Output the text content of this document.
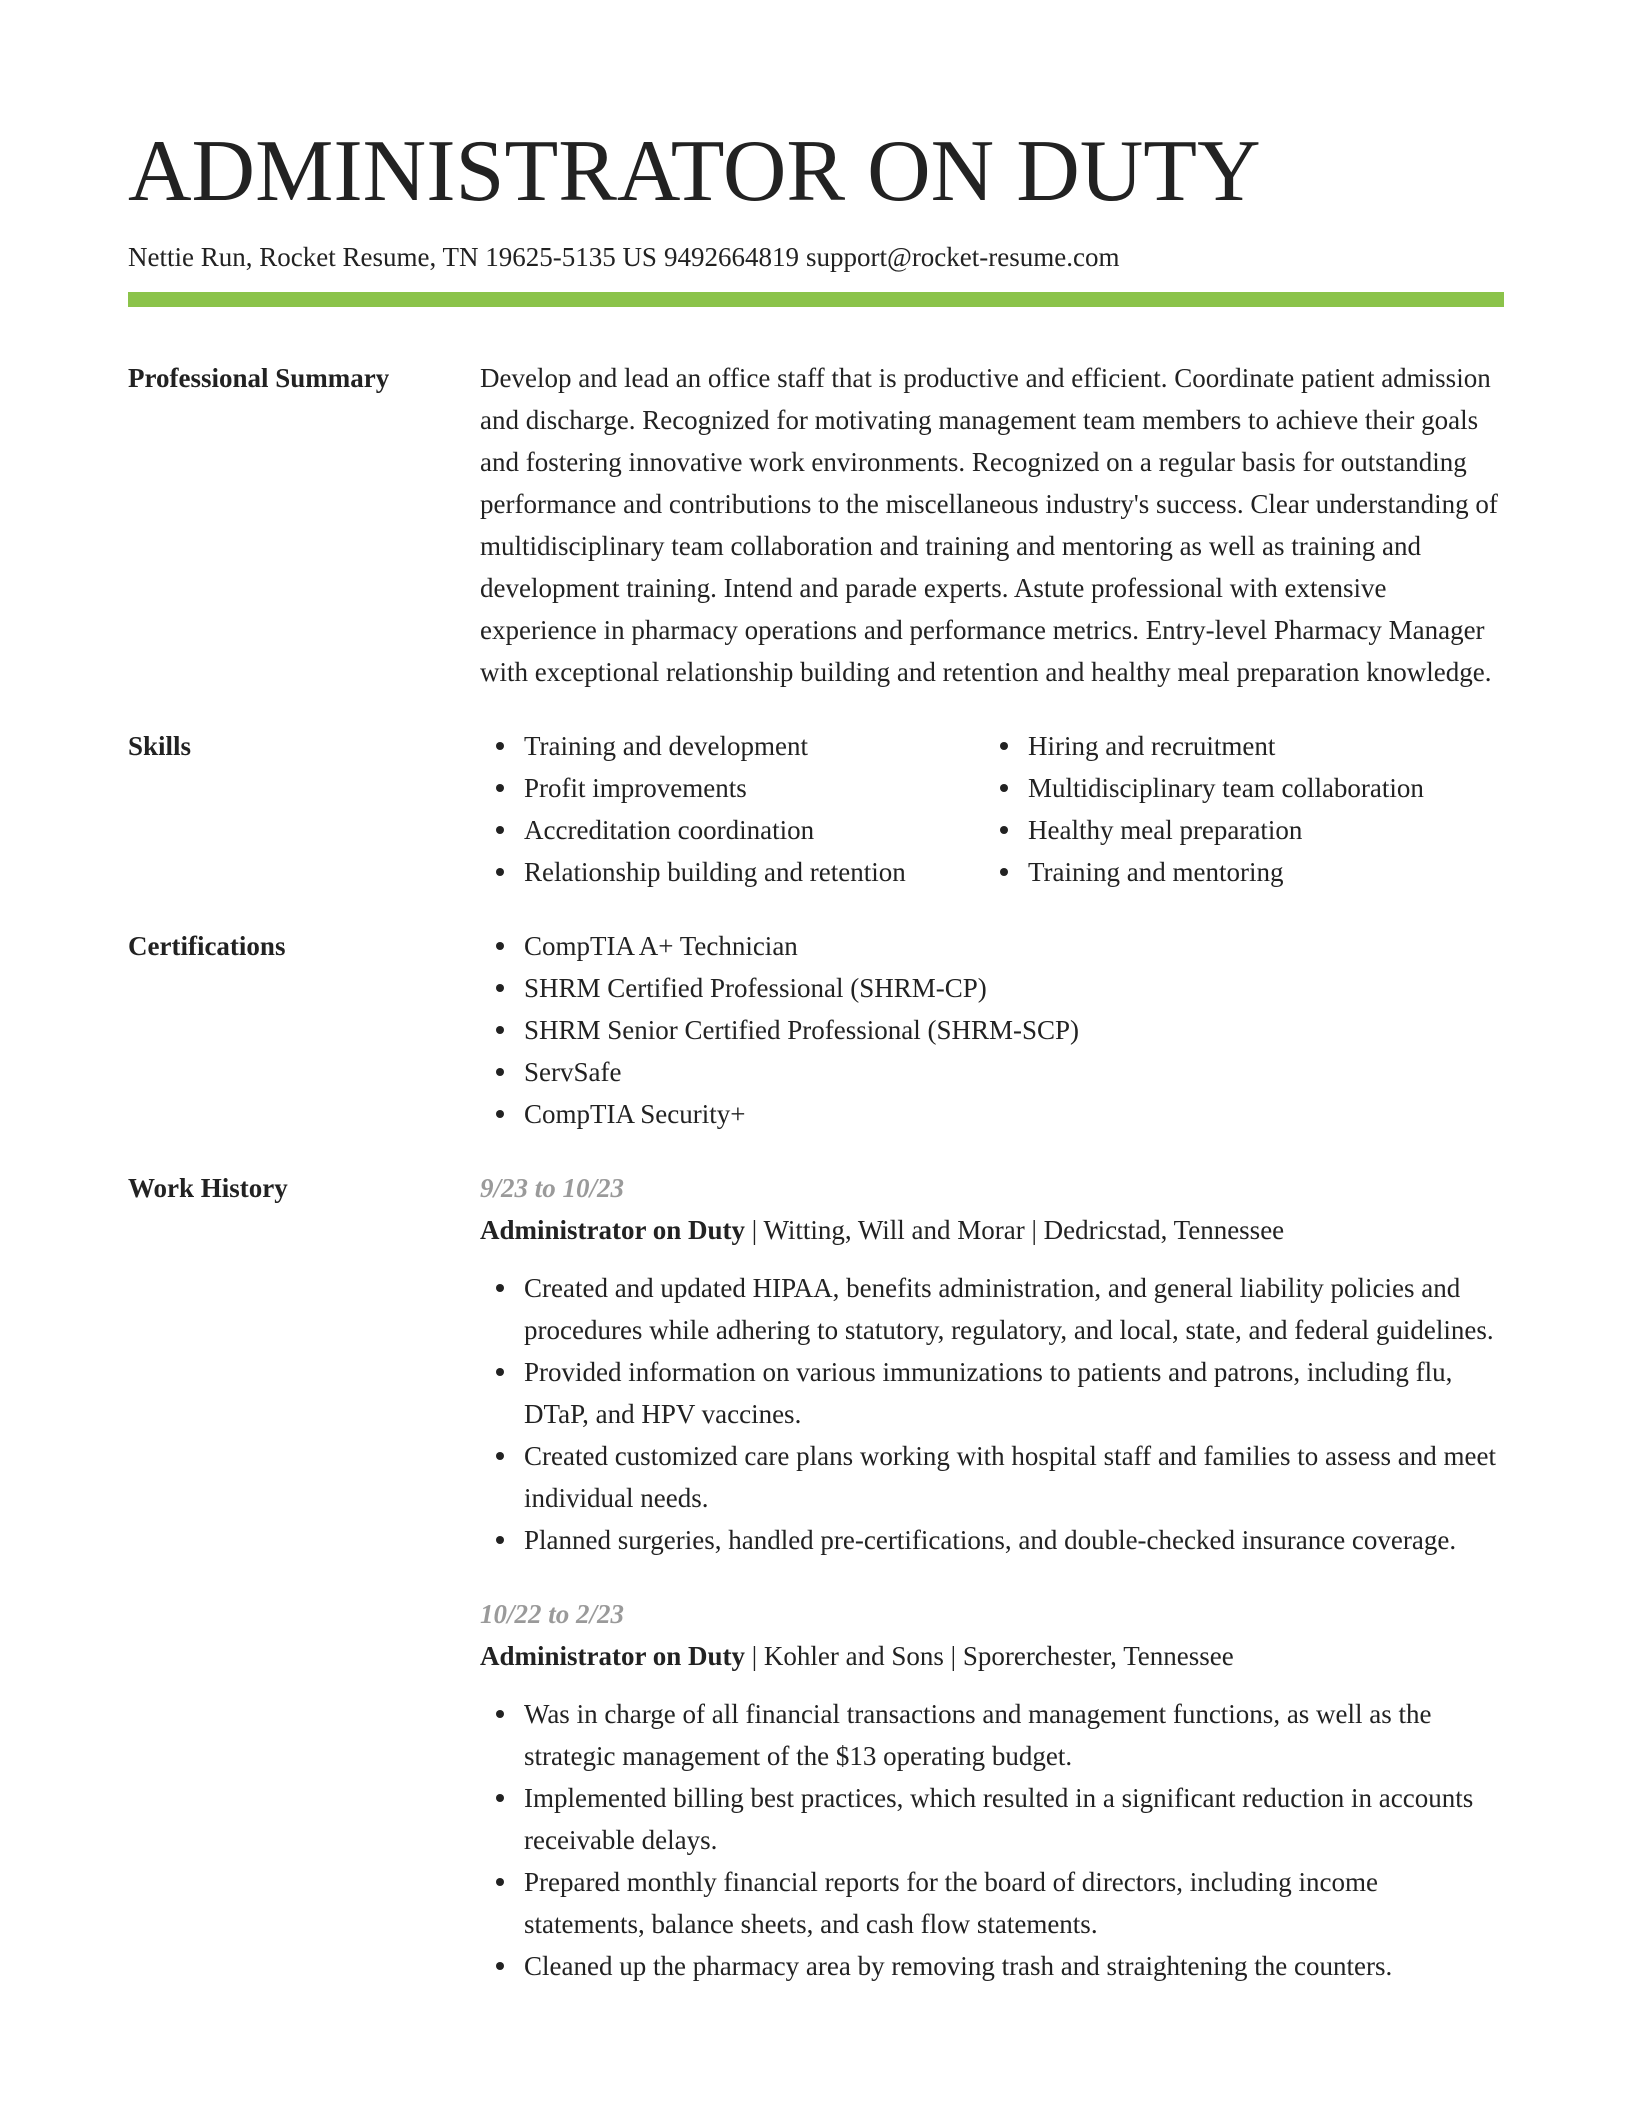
ADMINISTRATOR ON DUTY
Nettie Run, Rocket Resume, TN 19625-5135 US 9492664819 support@rocket-resume.com
Professional Summary	Develop and lead an office staff that is productive and efficient. Coordinate patient admission and discharge. Recognized for motivating management team members to achieve their goals and fostering innovative work environments. Recognized on a regular basis for outstanding performance and contributions to the miscellaneous industry's success. Clear understanding of multidisciplinary team collaboration and training and mentoring as well as training and development training. Intend and parade experts. Astute professional with extensive experience in pharmacy operations and performance metrics. Entry-level Pharmacy Manager with exceptional relationship building and retention and healthy meal preparation knowledge.
Skills	Training and development
Profit improvements
Accreditation coordination
Relationship building and retention
Hiring and recruitment
Multidisciplinary team collaboration
Healthy meal preparation
Training and mentoring
Certifications	CompTIA A+ Technician
SHRM Certified Professional (SHRM-CP)
SHRM Senior Certified Professional (SHRM-SCP)
ServSafe
CompTIA Security+
Work History	9/23 to 10/23
Administrator on Duty | Witting, Will and Morar | Dedricstad, Tennessee
Created and updated HIPAA, benefits administration, and general liability policies and procedures while adhering to statutory, regulatory, and local, state, and federal guidelines.
Provided information on various immunizations to patients and patrons, including flu, DTaP, and HPV vaccines.
Created customized care plans working with hospital staff and families to assess and meet individual needs.
Planned surgeries, handled pre-certifications, and double-checked insurance coverage.
10/22 to 2/23
Administrator on Duty | Kohler and Sons | Sporerchester, Tennessee
Was in charge of all financial transactions and management functions, as well as the strategic management of the $13 operating budget.
Implemented billing best practices, which resulted in a significant reduction in accounts receivable delays.
Prepared monthly financial reports for the board of directors, including income statements, balance sheets, and cash flow statements.
Cleaned up the pharmacy area by removing trash and straightening the counters.
